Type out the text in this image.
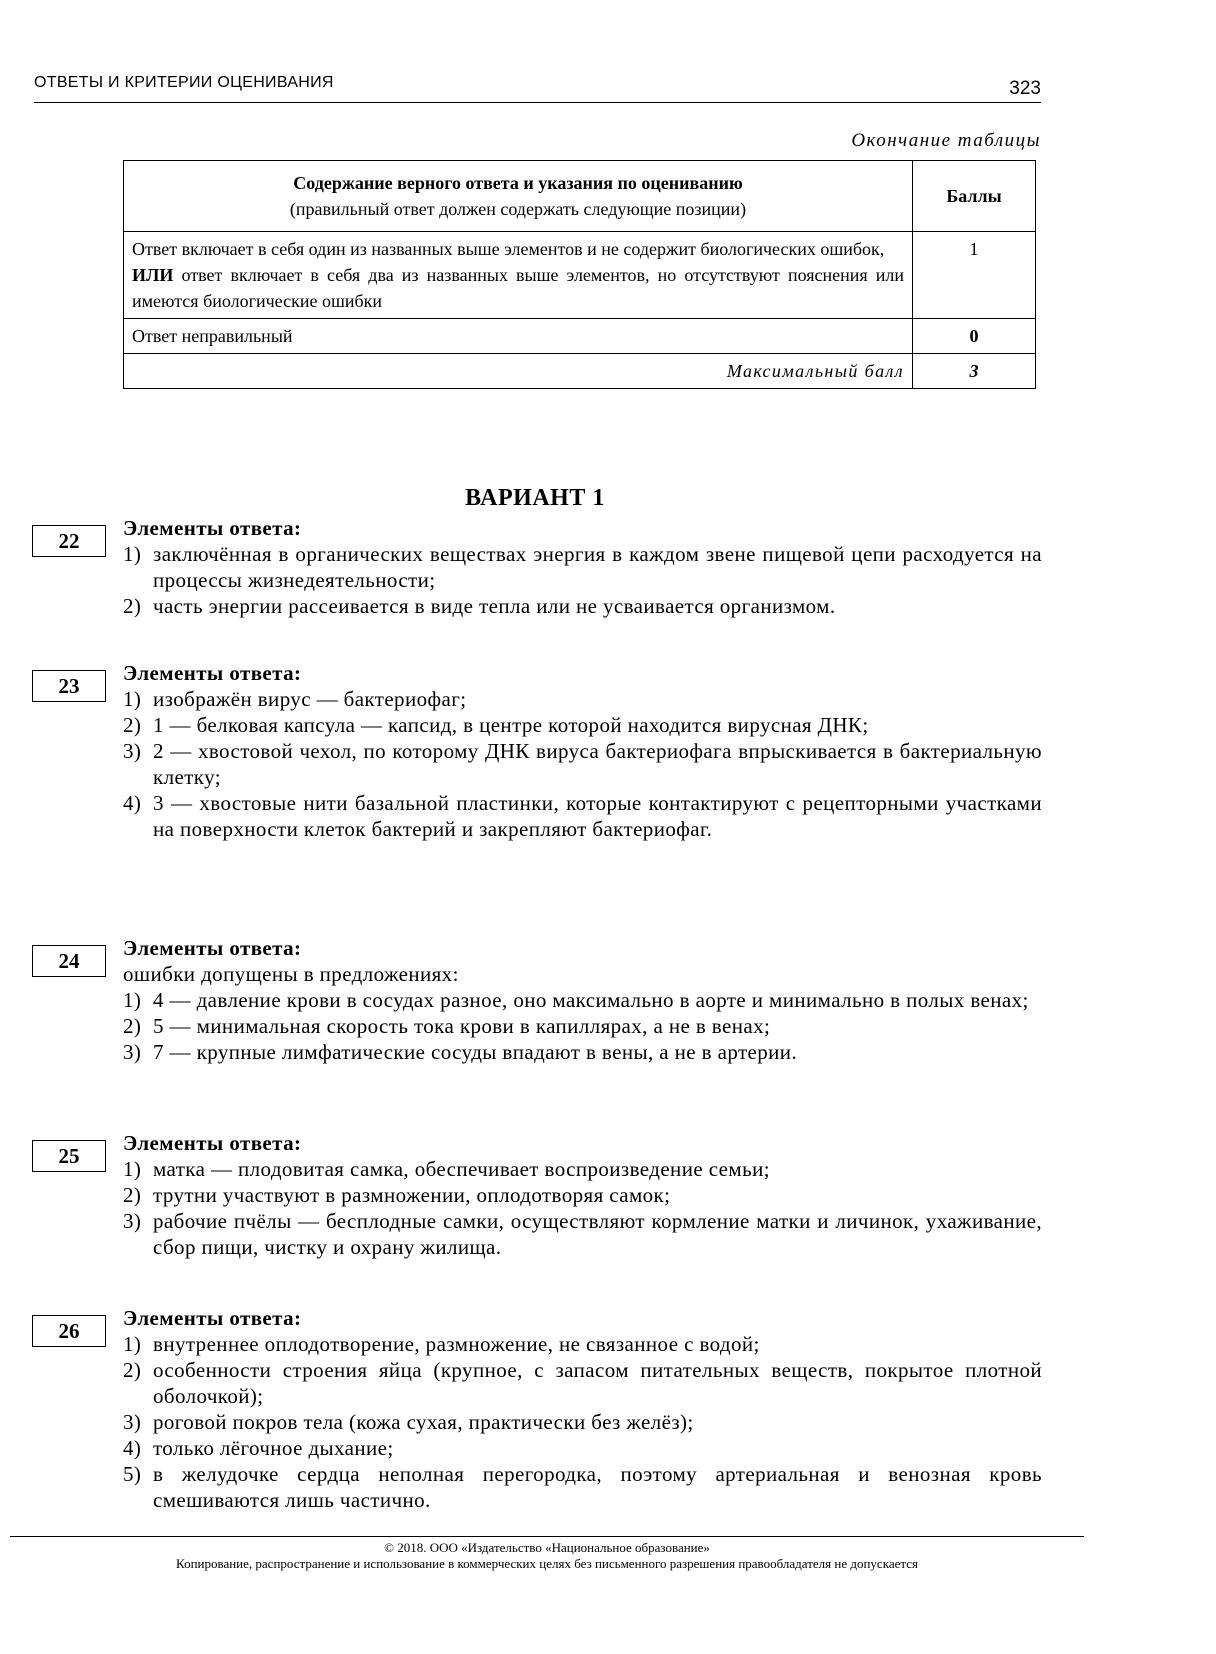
ОТВЕТЫ И КРИТЕРИИ ОЦЕНИВАНИЯ	323
Окончание таблицы
Содержание верного ответа и указания по оцениванию
(правильный ответ должен содержать следующие позиции)	Баллы
Ответ включает в себя один из названных выше элементов и не содержит биологических ошибок,
ИЛИ ответ включает в себя два из названных выше элементов, но отсутствуют пояснения или имеются биологические ошибки	1
Ответ неправильный	0
Максимальный балл	3
ВАРИАНТ 1
22
Элементы ответа:
1) заключённая в органических веществах энергия в каждом звене пищевой цепи расходуется на процессы жизнедеятельности;
2) часть энергии рассеивается в виде тепла или не усваивается организмом.
23
Элементы ответа:
1) изображён вирус — бактериофаг;
2) 1 — белковая капсула — капсид, в центре которой находится вирусная ДНК;
3) 2 — хвостовой чехол, по которому ДНК вируса бактериофага впрыскивается в бактериальную клетку;
4) 3 — хвостовые нити базальной пластинки, которые контактируют с рецепторными участками на поверхности клеток бактерий и закрепляют бактериофаг.
24
Элементы ответа:
ошибки допущены в предложениях:
1) 4 — давление крови в сосудах разное, оно максимально в аорте и минимально в полых венах;
2) 5 — минимальная скорость тока крови в капиллярах, а не в венах;
3) 7 — крупные лимфатические сосуды впадают в вены, а не в артерии.
25
Элементы ответа:
1) матка — плодовитая самка, обеспечивает воспроизведение семьи;
2) трутни участвуют в размножении, оплодотворяя самок;
3) рабочие пчёлы — бесплодные самки, осуществляют кормление матки и личинок, ухаживание, сбор пищи, чистку и охрану жилища.
26
Элементы ответа:
1) внутреннее оплодотворение, размножение, не связанное с водой;
2) особенности строения яйца (крупное, с запасом питательных веществ, покрытое плотной оболочкой);
3) роговой покров тела (кожа сухая, практически без желёз);
4) только лёгочное дыхание;
5) в желудочке сердца неполная перегородка, поэтому артериальная и венозная кровь смешиваются лишь частично.
© 2018. ООО «Издательство «Национальное образование»
Копирование, распространение и использование в коммерческих целях без письменного разрешения правообладателя не допускается
